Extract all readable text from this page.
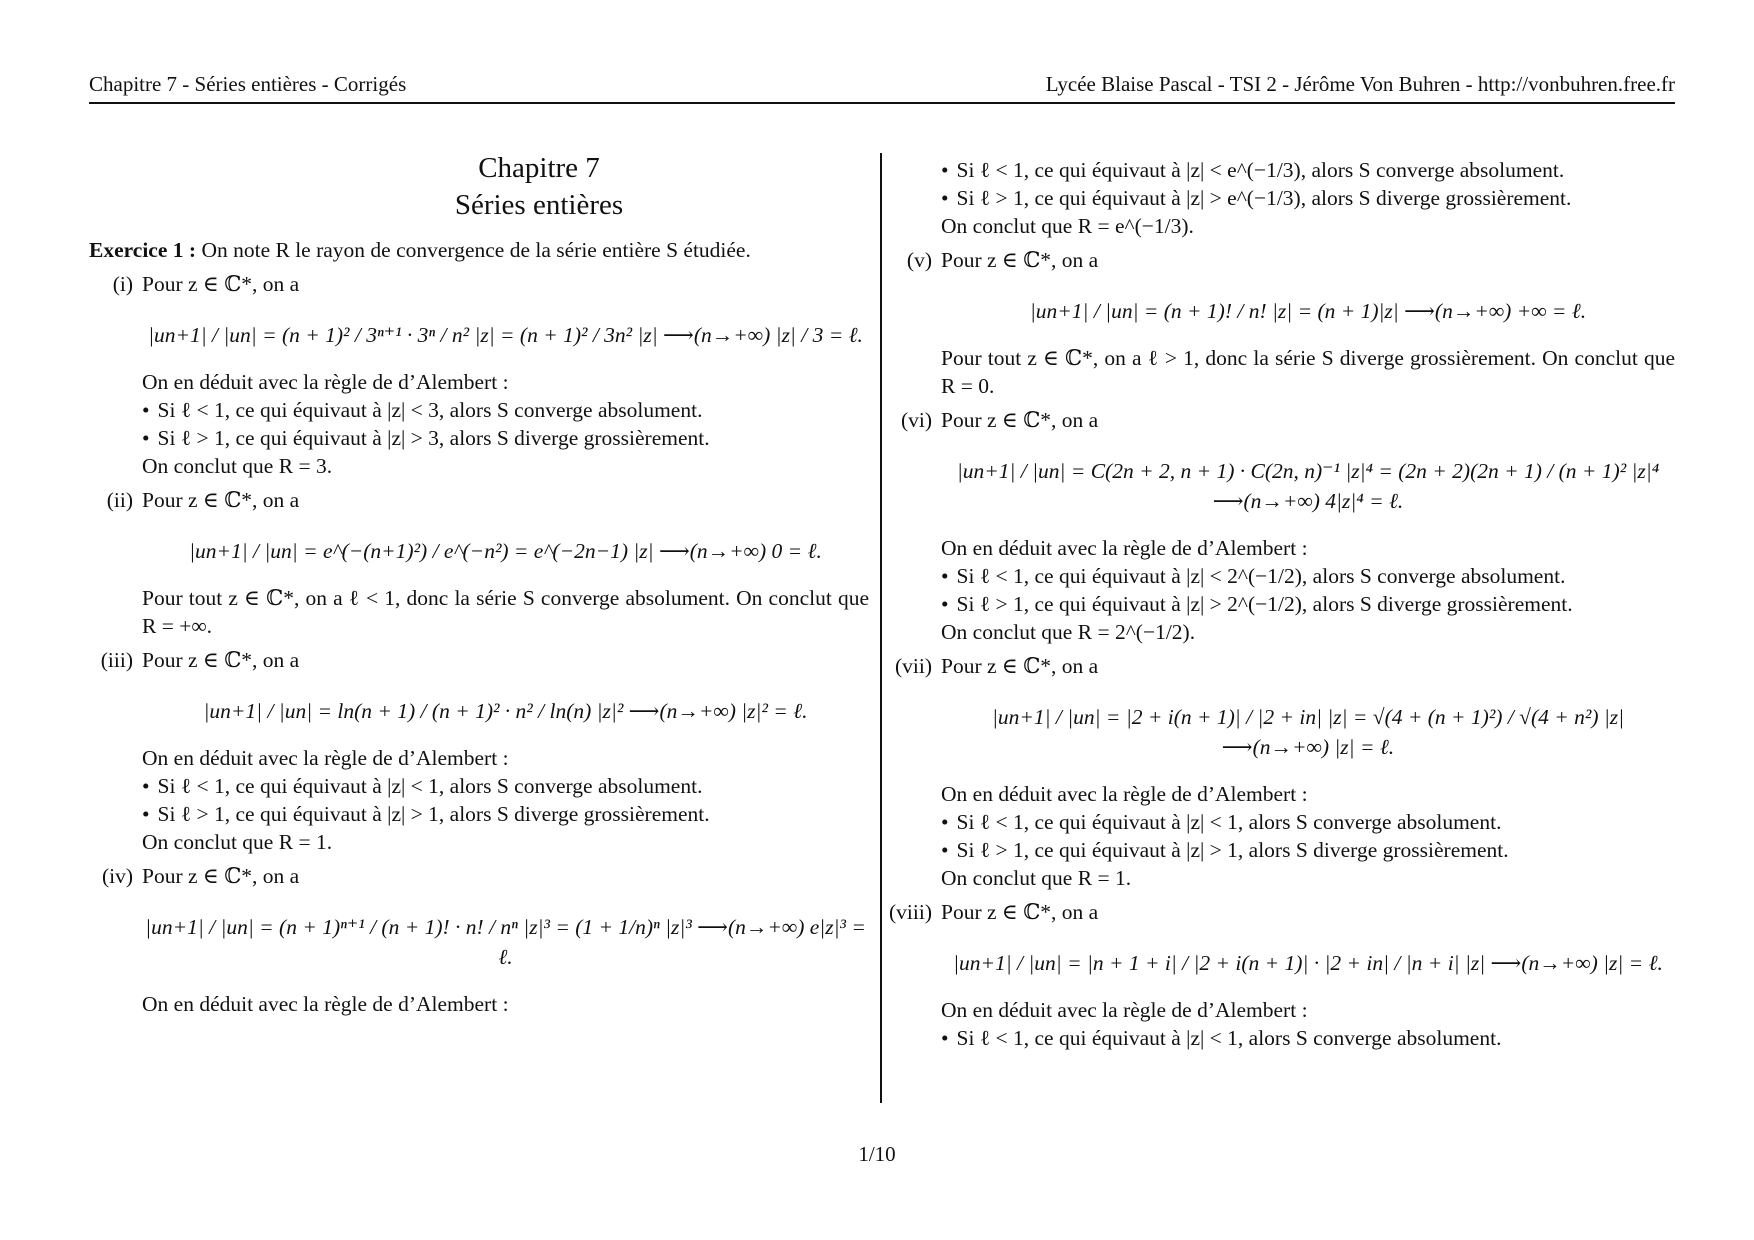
Chapitre 7 - Séries entières - Corrigés	Lycée Blaise Pascal - TSI 2 - Jérôme Von Buhren - http://vonbuhren.free.fr
Chapitre 7
Séries entières
Exercice 1 : On note R le rayon de convergence de la série entière S étudiée.
(i) Pour z ∈ ℂ*, on a
|un+1| / |un| = (n + 1)² / 3ⁿ⁺¹ · 3ⁿ / n² |z| = (n + 1)² / 3n² |z| ⟶(n→+∞) |z| / 3 = ℓ.
On en déduit avec la règle de d’Alembert :
• Si ℓ < 1, ce qui équivaut à |z| < 3, alors S converge absolument.
• Si ℓ > 1, ce qui équivaut à |z| > 3, alors S diverge grossièrement.
On conclut que R = 3.
(ii) Pour z ∈ ℂ*, on a
|un+1| / |un| = e^(−(n+1)²) / e^(−n²) = e^(−2n−1) |z| ⟶(n→+∞) 0 = ℓ.
Pour tout z ∈ ℂ*, on a ℓ < 1, donc la série S converge absolument. On conclut que R = +∞.
(iii) Pour z ∈ ℂ*, on a
|un+1| / |un| = ln(n + 1) / (n + 1)² · n² / ln(n) |z|² ⟶(n→+∞) |z|² = ℓ.
On en déduit avec la règle de d’Alembert :
• Si ℓ < 1, ce qui équivaut à |z| < 1, alors S converge absolument.
• Si ℓ > 1, ce qui équivaut à |z| > 1, alors S diverge grossièrement.
On conclut que R = 1.
(iv) Pour z ∈ ℂ*, on a
|un+1| / |un| = (n + 1)ⁿ⁺¹ / (n + 1)! · n! / nⁿ |z|³ = (1 + 1/n)ⁿ |z|³ ⟶(n→+∞) e|z|³ = ℓ.
On en déduit avec la règle de d’Alembert :
• Si ℓ < 1, ce qui équivaut à |z| < e^(−1/3), alors S converge absolument.
• Si ℓ > 1, ce qui équivaut à |z| > e^(−1/3), alors S diverge grossièrement.
On conclut que R = e^(−1/3).
(v) Pour z ∈ ℂ*, on a
|un+1| / |un| = (n + 1)! / n! |z| = (n + 1)|z| ⟶(n→+∞) +∞ = ℓ.
Pour tout z ∈ ℂ*, on a ℓ > 1, donc la série S diverge grossièrement. On conclut que R = 0.
(vi) Pour z ∈ ℂ*, on a
|un+1| / |un| = C(2n + 2, n + 1) · C(2n, n)⁻¹ |z|⁴ = (2n + 2)(2n + 1) / (n + 1)² |z|⁴ ⟶(n→+∞) 4|z|⁴ = ℓ.
On en déduit avec la règle de d’Alembert :
• Si ℓ < 1, ce qui équivaut à |z| < 2^(−1/2), alors S converge absolument.
• Si ℓ > 1, ce qui équivaut à |z| > 2^(−1/2), alors S diverge grossièrement.
On conclut que R = 2^(−1/2).
(vii) Pour z ∈ ℂ*, on a
|un+1| / |un| = |2 + i(n + 1)| / |2 + in| |z| = √(4 + (n + 1)²) / √(4 + n²) |z| ⟶(n→+∞) |z| = ℓ.
On en déduit avec la règle de d’Alembert :
• Si ℓ < 1, ce qui équivaut à |z| < 1, alors S converge absolument.
• Si ℓ > 1, ce qui équivaut à |z| > 1, alors S diverge grossièrement.
On conclut que R = 1.
(viii) Pour z ∈ ℂ*, on a
|un+1| / |un| = |n + 1 + i| / |2 + i(n + 1)| · |2 + in| / |n + i| |z| ⟶(n→+∞) |z| = ℓ.
On en déduit avec la règle de d’Alembert :
• Si ℓ < 1, ce qui équivaut à |z| < 1, alors S converge absolument.
1/10
